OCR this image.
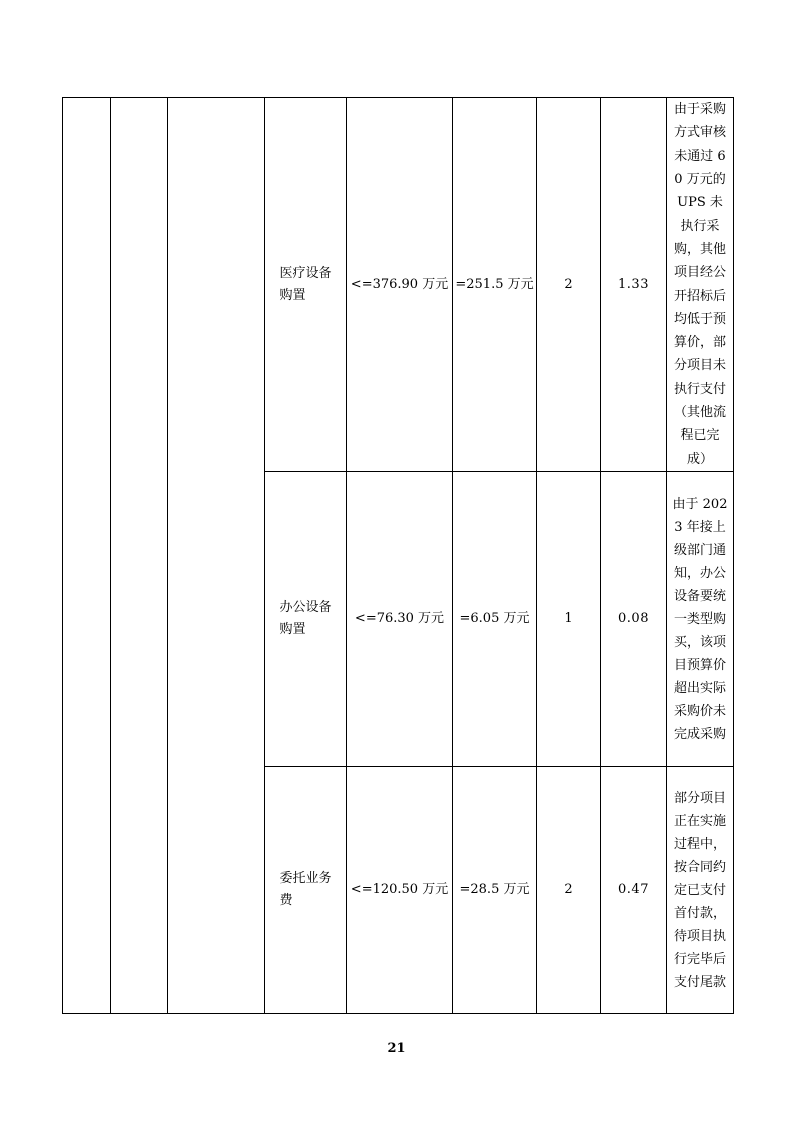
			医疗设备购置	<=376.90 万元	=251.5 万元	2	1.33	由于采购方式审核未通过 60 万元的 UPS 未执行采购，其他项目经公开招标后均低于预算价，部分项目未执行支付（其他流程已完成）

			办公设备购置	<=76.30 万元	=6.05 万元	1	0.08	由于 2023 年接上级部门通知，办公设备要统一类型购买，该项目预算价超出实际采购价未完成采购

			委托业务费	<=120.50 万元	=28.5 万元	2	0.47	部分项目正在实施过程中，按合同约定已支付首付款，待项目执行完毕后支付尾款
21
